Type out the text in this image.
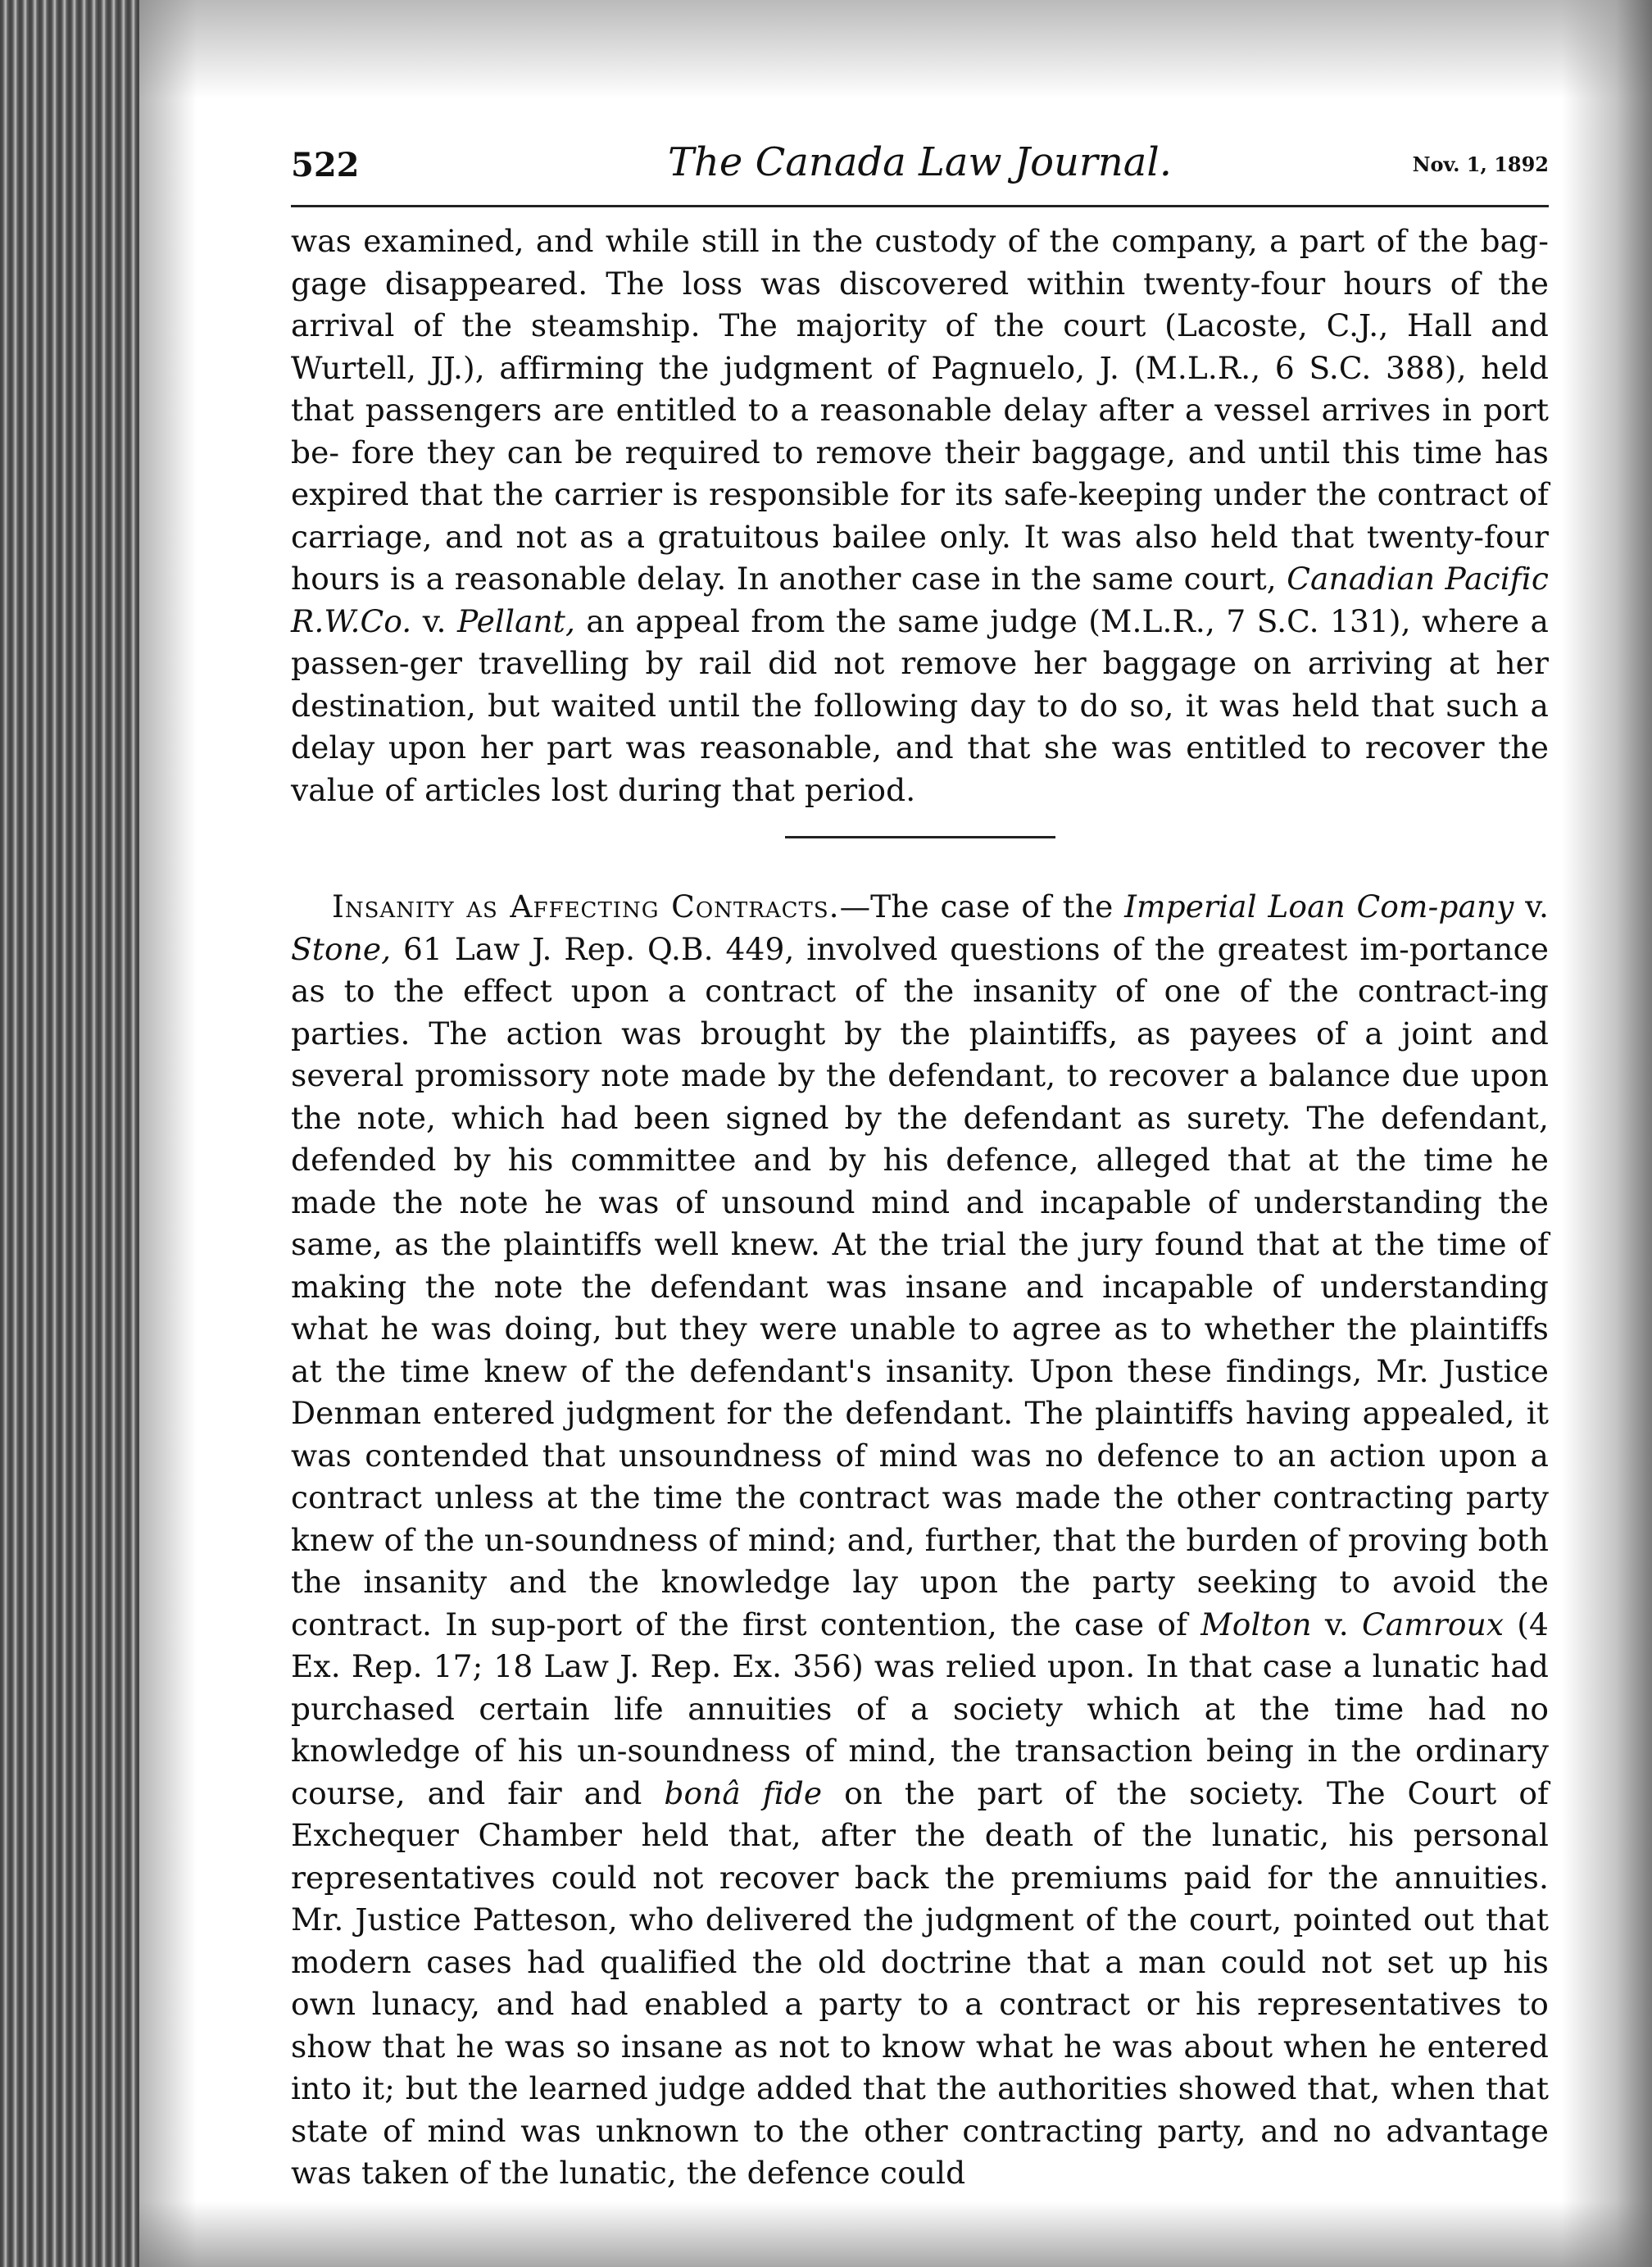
522	The Canada Law Journal.	Nov. 1, 1892

was examined, and while still in the custody of the company, a part of the bag- gage disappeared. The loss was discovered within twenty-four hours of the arrival of the steamship. The majority of the court (Lacoste, C.J., Hall and Wurtell, JJ.), affirming the judgment of Pagnuelo, J. (M.L.R., 6 S.C. 388), held that passengers are entitled to a reasonable delay after a vessel arrives in port be- fore they can be required to remove their baggage, and until this time has expired that the carrier is responsible for its safe-keeping under the contract of carriage, and not as a gratuitous bailee only. It was also held that twenty-four hours is a reasonable delay. In another case in the same court, Canadian Pacific R.W.Co. v. Pellant, an appeal from the same judge (M.L.R., 7 S.C. 131), where a passen-ger travelling by rail did not remove her baggage on arriving at her destination, but waited until the following day to do so, it was held that such a delay upon her part was reasonable, and that she was entitled to recover the value of articles lost during that period.

Insanity as Affecting Contracts.—The case of the Imperial Loan Com-pany v. Stone, 61 Law J. Rep. Q.B. 449, involved questions of the greatest im-portance as to the effect upon a contract of the insanity of one of the contract-ing parties. The action was brought by the plaintiffs, as payees of a joint and several promissory note made by the defendant, to recover a balance due upon the note, which had been signed by the defendant as surety. The defendant, defended by his committee and by his defence, alleged that at the time he made the note he was of unsound mind and incapable of understanding the same, as the plaintiffs well knew. At the trial the jury found that at the time of making the note the defendant was insane and incapable of understanding what he was doing, but they were unable to agree as to whether the plaintiffs at the time knew of the defendant's insanity. Upon these findings, Mr. Justice Denman entered judgment for the defendant. The plaintiffs having appealed, it was contended that unsoundness of mind was no defence to an action upon a contract unless at the time the contract was made the other contracting party knew of the un-soundness of mind; and, further, that the burden of proving both the insanity and the knowledge lay upon the party seeking to avoid the contract. In sup-port of the first contention, the case of Molton v. Camroux (4 Ex. Rep. 17; 18 Law J. Rep. Ex. 356) was relied upon. In that case a lunatic had purchased certain life annuities of a society which at the time had no knowledge of his un-soundness of mind, the transaction being in the ordinary course, and fair and bonâ fide on the part of the society. The Court of Exchequer Chamber held that, after the death of the lunatic, his personal representatives could not recover back the premiums paid for the annuities. Mr. Justice Patteson, who delivered the judgment of the court, pointed out that modern cases had qualified the old doctrine that a man could not set up his own lunacy, and had enabled a party to a contract or his representatives to show that he was so insane as not to know what he was about when he entered into it; but the learned judge added that the authorities showed that, when that state of mind was unknown to the other contracting party, and no advantage was taken of the lunatic, the defence could
